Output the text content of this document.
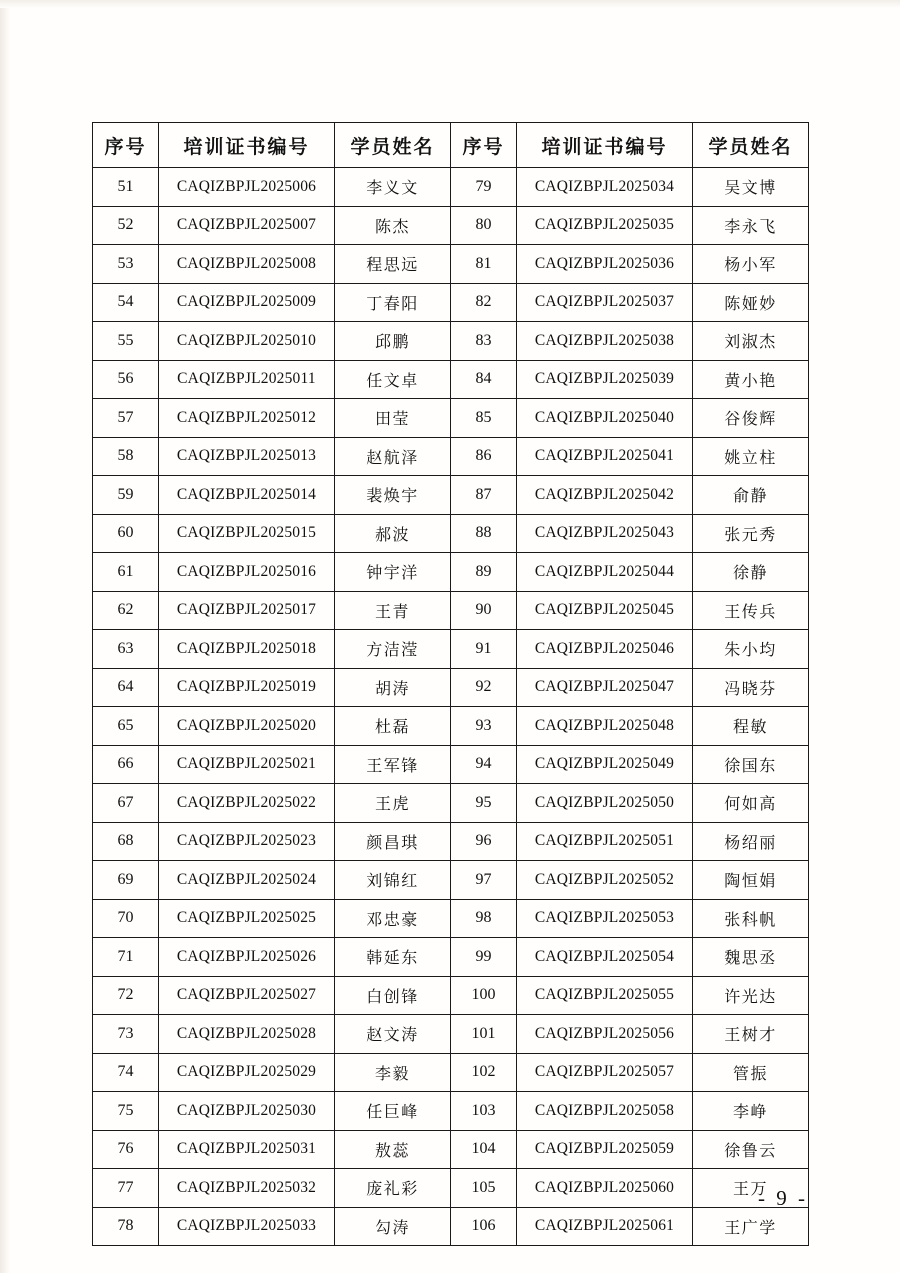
序号	培训证书编号	学员姓名	序号	培训证书编号	学员姓名
51	CAQIZBPJL2025006	李义文	79	CAQIZBPJL2025034	吴文博
52	CAQIZBPJL2025007	陈杰	80	CAQIZBPJL2025035	李永飞
53	CAQIZBPJL2025008	程思远	81	CAQIZBPJL2025036	杨小军
54	CAQIZBPJL2025009	丁春阳	82	CAQIZBPJL2025037	陈娅妙
55	CAQIZBPJL2025010	邱鹏	83	CAQIZBPJL2025038	刘淑杰
56	CAQIZBPJL2025011	任文卓	84	CAQIZBPJL2025039	黄小艳
57	CAQIZBPJL2025012	田莹	85	CAQIZBPJL2025040	谷俊辉
58	CAQIZBPJL2025013	赵航泽	86	CAQIZBPJL2025041	姚立柱
59	CAQIZBPJL2025014	裴焕宇	87	CAQIZBPJL2025042	俞静
60	CAQIZBPJL2025015	郝波	88	CAQIZBPJL2025043	张元秀
61	CAQIZBPJL2025016	钟宇洋	89	CAQIZBPJL2025044	徐静
62	CAQIZBPJL2025017	王青	90	CAQIZBPJL2025045	王传兵
63	CAQIZBPJL2025018	方洁滢	91	CAQIZBPJL2025046	朱小均
64	CAQIZBPJL2025019	胡涛	92	CAQIZBPJL2025047	冯晓芬
65	CAQIZBPJL2025020	杜磊	93	CAQIZBPJL2025048	程敏
66	CAQIZBPJL2025021	王军锋	94	CAQIZBPJL2025049	徐国东
67	CAQIZBPJL2025022	王虎	95	CAQIZBPJL2025050	何如高
68	CAQIZBPJL2025023	颜昌琪	96	CAQIZBPJL2025051	杨绍丽
69	CAQIZBPJL2025024	刘锦红	97	CAQIZBPJL2025052	陶恒娟
70	CAQIZBPJL2025025	邓忠豪	98	CAQIZBPJL2025053	张科帆
71	CAQIZBPJL2025026	韩延东	99	CAQIZBPJL2025054	魏思丞
72	CAQIZBPJL2025027	白创锋	100	CAQIZBPJL2025055	许光达
73	CAQIZBPJL2025028	赵文涛	101	CAQIZBPJL2025056	王树才
74	CAQIZBPJL2025029	李毅	102	CAQIZBPJL2025057	管振
75	CAQIZBPJL2025030	任巨峰	103	CAQIZBPJL2025058	李峥
76	CAQIZBPJL2025031	敖蕊	104	CAQIZBPJL2025059	徐鲁云
77	CAQIZBPJL2025032	庞礼彩	105	CAQIZBPJL2025060	王万
78	CAQIZBPJL2025033	勾涛	106	CAQIZBPJL2025061	王广学
- 9 -
